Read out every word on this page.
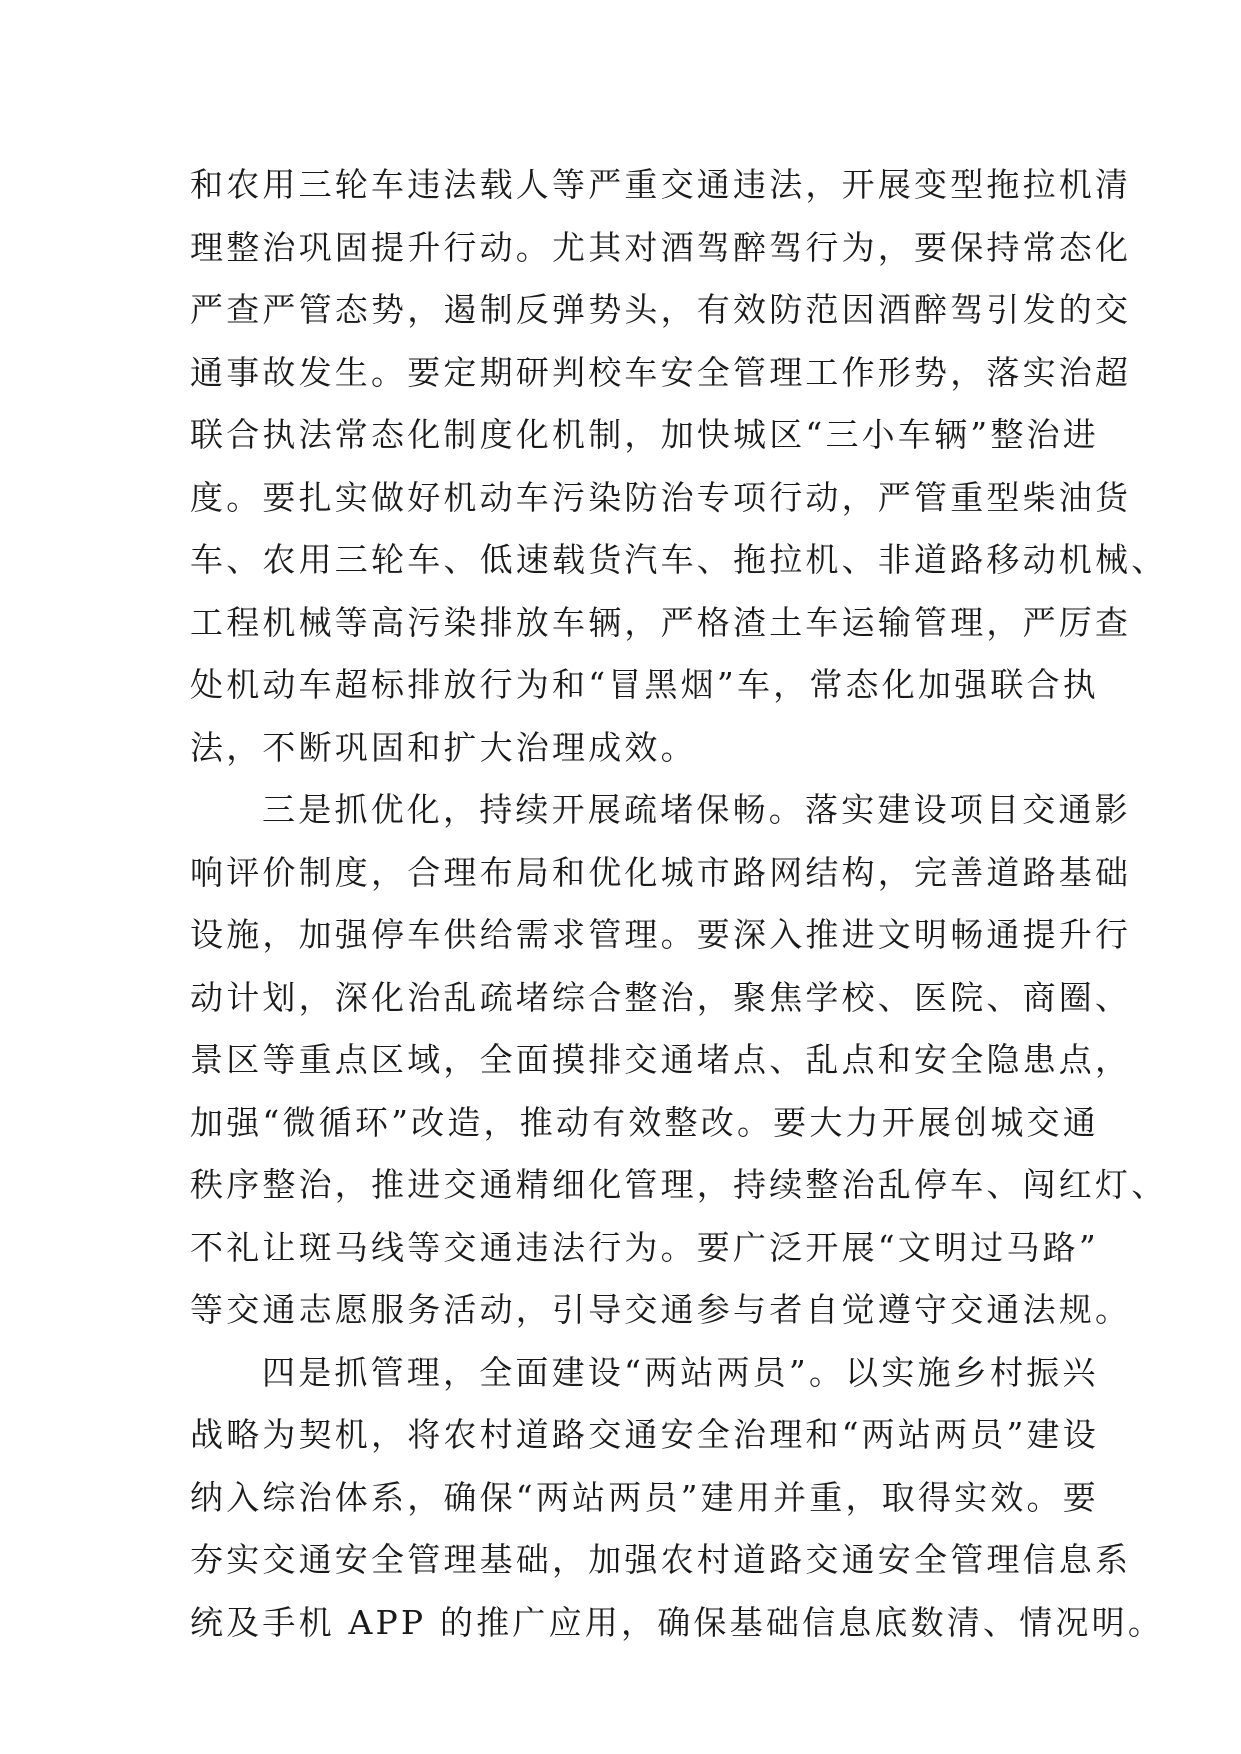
和农用三轮车违法载人等严重交通违法，开展变型拖拉机清
理整治巩固提升行动。尤其对酒驾醉驾行为，要保持常态化
严查严管态势，遏制反弹势头，有效防范因酒醉驾引发的交
通事故发生。要定期研判校车安全管理工作形势，落实治超
联合执法常态化制度化机制，加快城区“三小车辆”整治进
度。要扎实做好机动车污染防治专项行动，严管重型柴油货
车、农用三轮车、低速载货汽车、拖拉机、非道路移动机械、
工程机械等高污染排放车辆，严格渣土车运输管理，严厉查
处机动车超标排放行为和“冒黑烟”车，常态化加强联合执
法，不断巩固和扩大治理成效。
三是抓优化，持续开展疏堵保畅。落实建设项目交通影
响评价制度，合理布局和优化城市路网结构，完善道路基础
设施，加强停车供给需求管理。要深入推进文明畅通提升行
动计划，深化治乱疏堵综合整治，聚焦学校、医院、商圈、
景区等重点区域，全面摸排交通堵点、乱点和安全隐患点，
加强“微循环”改造，推动有效整改。要大力开展创城交通
秩序整治，推进交通精细化管理，持续整治乱停车、闯红灯、
不礼让斑马线等交通违法行为。要广泛开展“文明过马路”
等交通志愿服务活动，引导交通参与者自觉遵守交通法规。
四是抓管理，全面建设“两站两员”。以实施乡村振兴
战略为契机，将农村道路交通安全治理和“两站两员”建设
纳入综治体系，确保“两站两员”建用并重，取得实效。要
夯实交通安全管理基础，加强农村道路交通安全管理信息系
统及手机 APP 的推广应用，确保基础信息底数清、情况明。
